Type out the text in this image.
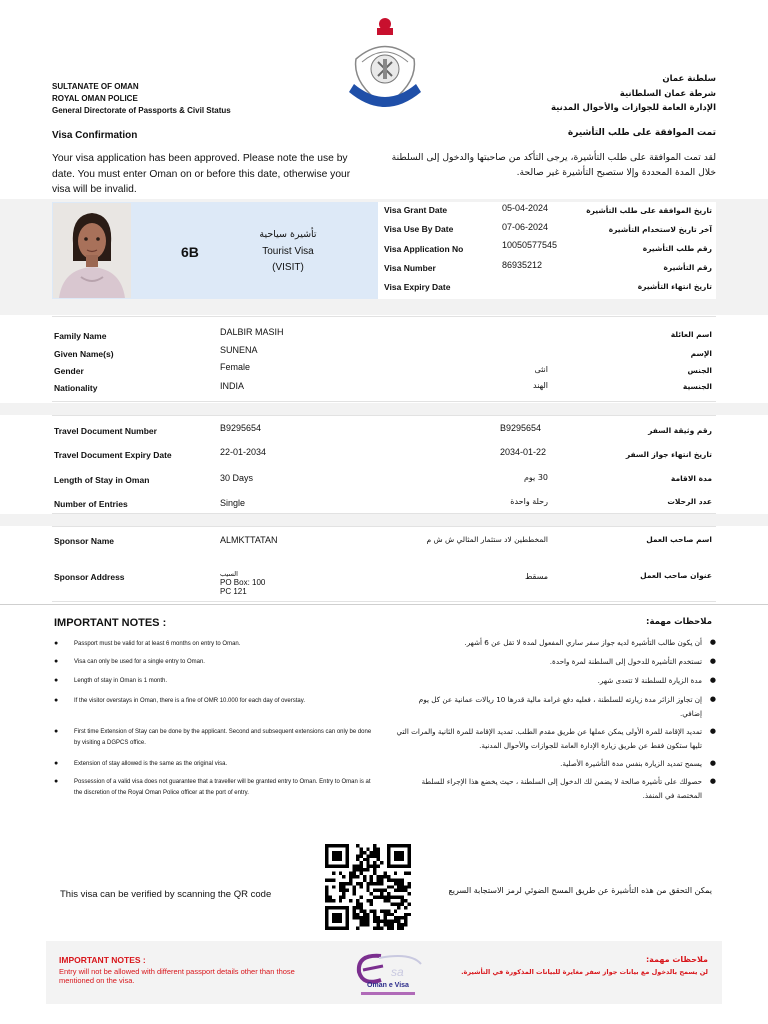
SULTANATE OF OMAN
ROYAL OMAN POLICE
General Directorate of Passports & Civil Status
سلطنة عمان
شرطة عمان السلطانية
الإدارة العامة للجوازات والأحوال المدنية
Visa Confirmation	تمت الموافقة على طلب التأشيرة
Your visa application has been approved. Please note the use by date. You must enter Oman on or before this date, otherwise your visa will be invalid.
لقد تمت الموافقة على طلب التأشيرة، يرجى التأكد من صاحبتها والدخول إلى السلطنة خلال المدة المحددة وإلا ستصبح التأشيرة غير صالحة.
6B
تأشيرة سياحية
Tourist Visa
(VISIT)
Visa Grant Date	05-04-2024	تاريخ الموافقة على طلب التأشيرة
Visa Use By Date	07-06-2024	آخر تاريخ لاستخدام التأشيرة
Visa Application No	10050577545	رقم طلب التأشيرة
Visa Number	86935212	رقم التأشيرة
Visa Expiry Date	تاريخ انتهاء التأشيرة
Family Name	DALBIR MASIH	اسم العائلة
Given Name(s)	SUNENA	الإسم
Gender	Female	انثى	الجنس
Nationality	INDIA	الهند	الجنسية
Travel Document Number	B9295654	B9295654	رقم وثيقة السفر
Travel Document Expiry Date	22-01-2034	2034-01-22	تاريخ انتهاء جواز السفر
Length of Stay in Oman	30 Days	30 يوم	مدة الاقامة
Number of Entries	Single	رحلة واحدة	عدد الرحلات
Sponsor Name	ALMKTTATAN	المخططين لاد ستثمار المثالي ش ش م	اسم صاحب العمل
Sponsor Address	السيب
PO Box: 100
PC 121
مسقط	عنوان صاحب العمل
IMPORTANT NOTES :	ملاحظات مهمة:
●	Passport must be valid for at least 6 months on entry to Oman.
●	Visa can only be used for a single entry to Oman.
●	Length of stay in Oman is 1 month.
●	If the visitor overstays in Oman, there is a fine of OMR 10.000 for each day of overstay.
●	First time Extension of Stay can be done by the applicant. Second and subsequent extensions can only be done by visiting a DGPCS office.
●	Extension of stay allowed is the same as the original visa.
●	Possession of a valid visa does not guarantee that a traveller will be granted entry to Oman. Entry to Oman is at the discretion of the Royal Oman Police officer at the port of entry.
●
أن يكون طالب التأشيرة لديه جواز سفر ساري المفعول لمدة لا تقل عن 6 أشهر.
●
تستخدم التأشيرة للدخول إلى السلطنة لمرة واحدة.
●
مدة الزيارة للسلطنة لا تتعدى شهر.
●
إن تجاوز الزائر مدة زيارته للسلطنة ، فعليه دفع غرامة مالية قدرها 10 ريالات عمانية عن كل يوم إضافي.
●
تمديد الإقامة للمرة الأولى يمكن عملها عن طريق مقدم الطلب. تمديد الإقامة للمرة الثانية والمرات التي تليها ستكون فقط عن طريق زيارة الإدارة العامة للجوازات والأحوال المدنية.
●
يسمح تمديد الزيارة بنفس مدة التأشيرة الأصلية.
●
حصولك على تأشيرة صالحة لا يضمن لك الدخول إلى السلطنة ، حيث يخضع هذا الإجراء للسلطة المختصة في المنفذ.
This visa can be verified by scanning the QR code	يمكن التحقق من هذه التأشيرة عن طريق المسح الضوئي لرمز الاستجابة السريع
IMPORTANT NOTES :
Entry will not be allowed with different passport details other than those mentioned on the visa.
sa
Oman e Visa
ملاحظات مهمة:
لن يسمح بالدخول مع بيانات جواز سفر مغايرة للبيانات المذكورة في التأشيرة.
